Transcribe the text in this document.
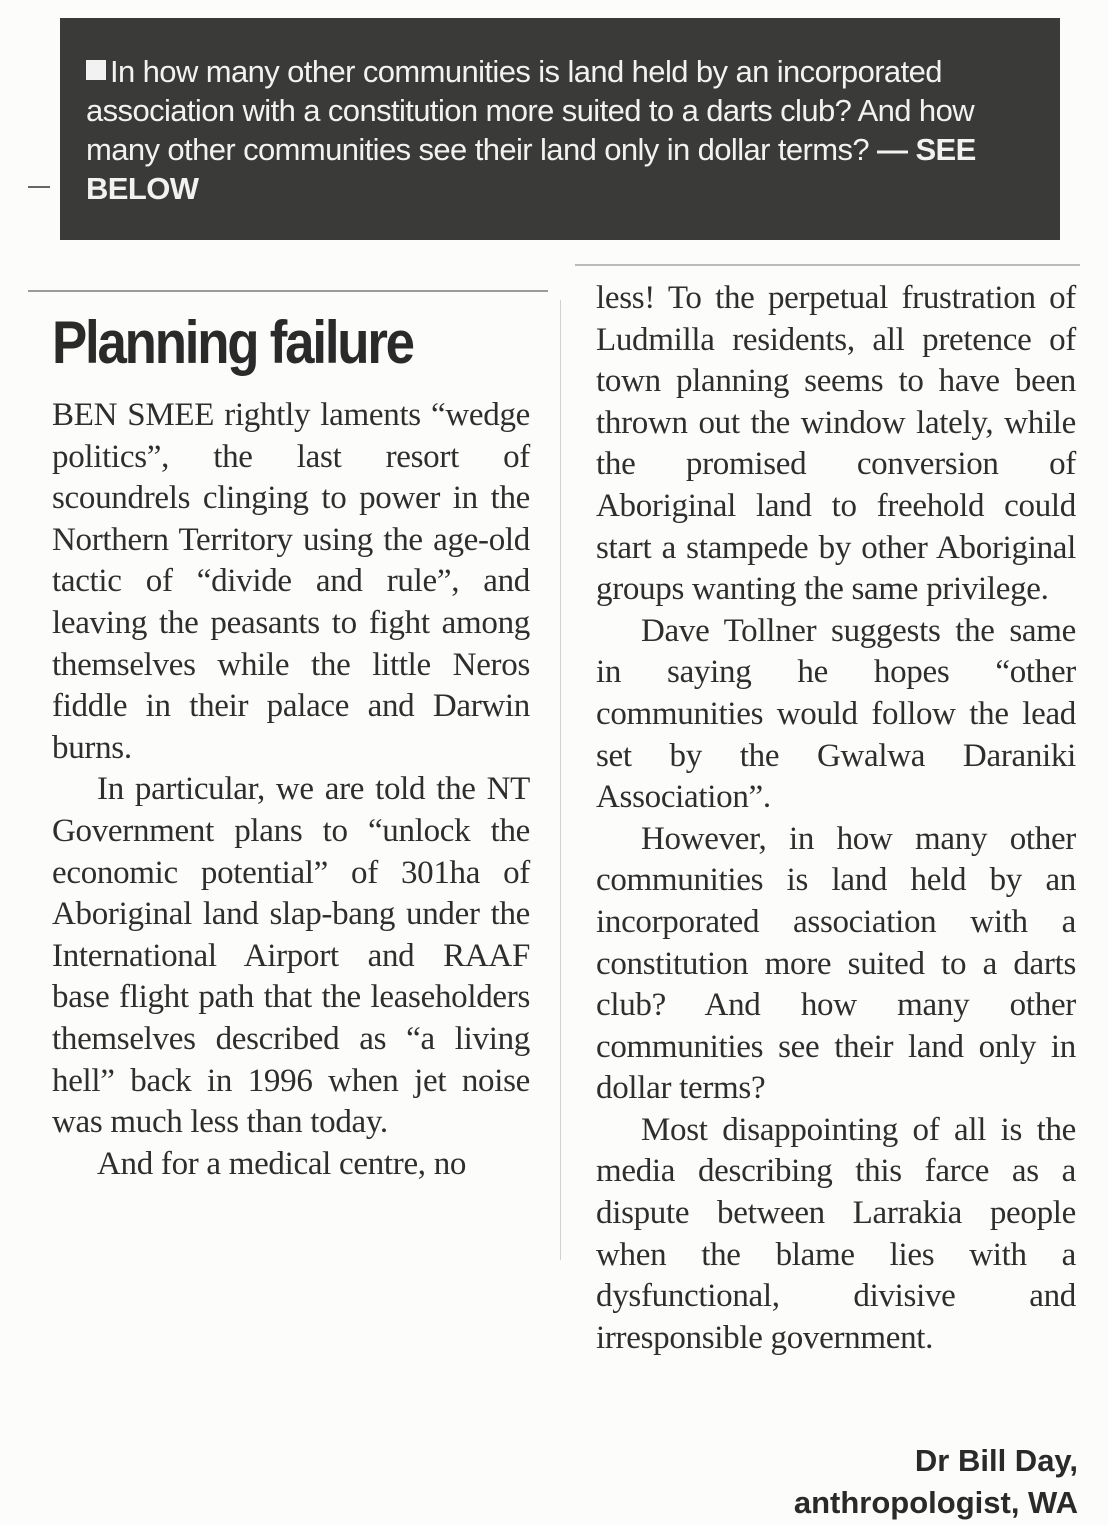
In how many other communities is land held by an incorporated association with a constitution more suited to a darts club? And how many other communities see their land only in dollar terms? — SEE BELOW
Planning failure

BEN SMEE rightly laments “wedge politics”, the last resort of scoundrels clinging to power in the Northern Territory using the age-old tactic of “divide and rule”, and leaving the peasants to fight among themselves while the little Neros fiddle in their palace and Darwin burns.

In particular, we are told the NT Government plans to “unlock the economic potential” of 301ha of Aboriginal land slap-bang under the International Airport and RAAF base flight path that the leaseholders themselves described as “a living hell” back in 1996 when jet noise was much less than today.

And for a medical centre, no

less! To the perpetual frustration of Ludmilla residents, all pretence of town planning seems to have been thrown out the window lately, while the promised conversion of Aboriginal land to freehold could start a stampede by other Aboriginal groups wanting the same privilege.

Dave Tollner suggests the same in saying he hopes “other communities would follow the lead set by the Gwalwa Daraniki Association”.

However, in how many other communities is land held by an incorporated association with a constitution more suited to a darts club? And how many other communities see their land only in dollar terms?

Most disappointing of all is the media describing this farce as a dispute between Larrakia people when the blame lies with a dysfunctional, divisive and irresponsible government.

Dr Bill Day,
anthropologist, WA
